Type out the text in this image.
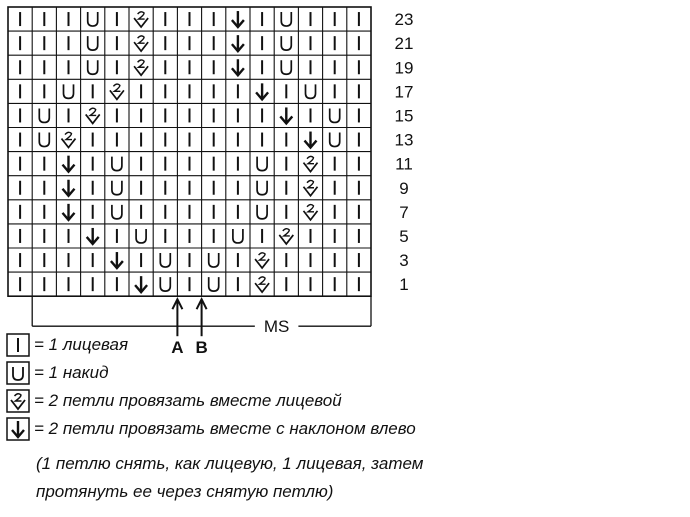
23
21
19
17
15
13
11
9
7
5
3
1
MS
A B
= 1 лицевая
= 1 накид
= 2 петли провязать вместе лицевой
= 2 петли провязать вместе с наклоном влево
(1 петлю снять, как лицевую, 1 лицевая, затем
протянуть ее через снятую петлю)
